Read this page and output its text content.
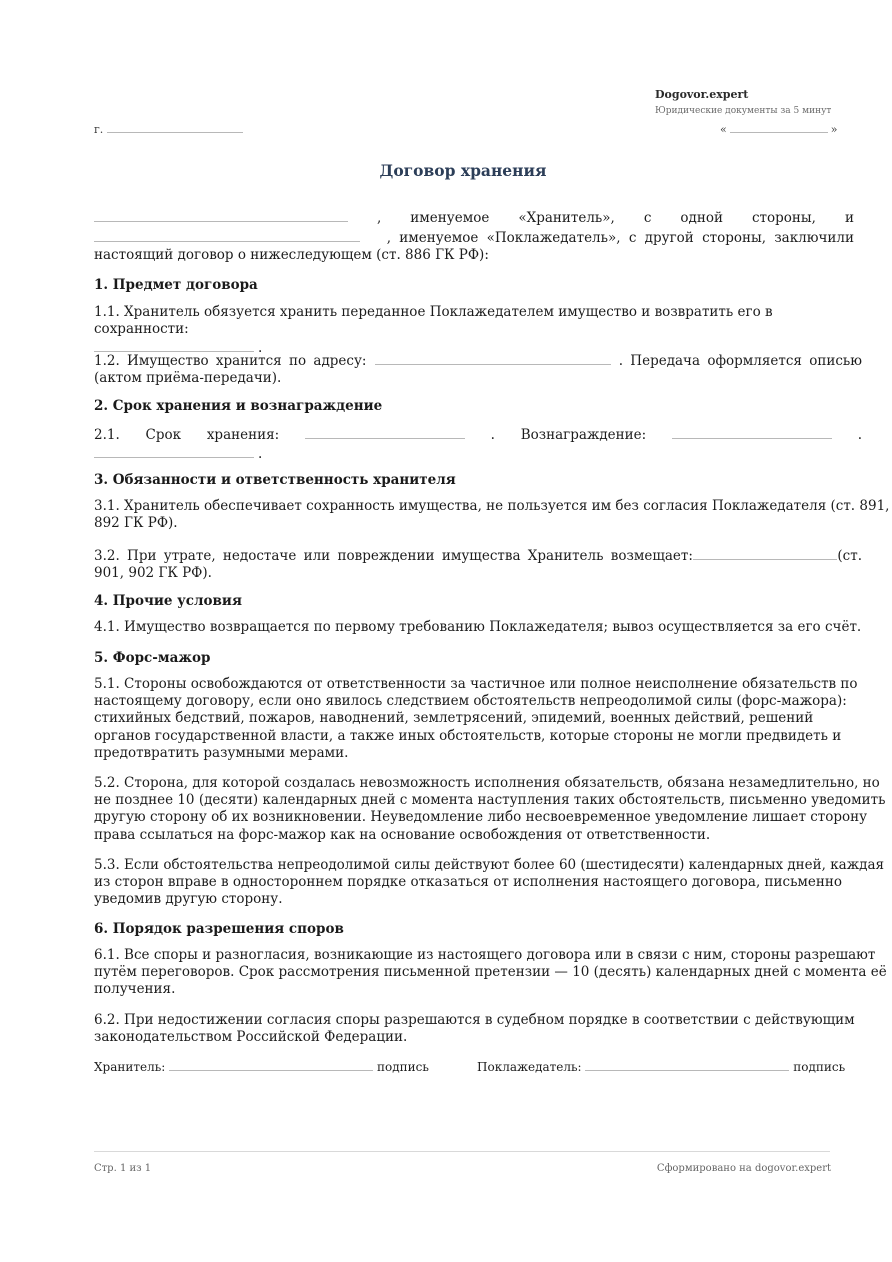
Dogovor.expert
Юридические документы за 5 минут
г.	«	»
Договор хранения
, именуемое «Хранитель», с одной стороны, и
, именуемое «Поклажедатель», с другой стороны, заключили
настоящий договор о нижеследующем (ст. 886 ГК РФ):
1. Предмет договора
1.1. Хранитель обязуется хранить переданное Поклажедателем имущество и возвратить его в сохранности:
.
1.2. Имущество хранится по адресу:	. Передача оформляется описью
(актом приёма-передачи).
2. Срок хранения и вознаграждение
2.1. Срок хранения:	. Вознаграждение:	.
.
3. Обязанности и ответственность хранителя
3.1. Хранитель обеспечивает сохранность имущества, не пользуется им без согласия Поклажедателя (ст. 891,
892 ГК РФ).
3.2. При утрате, недостаче или повреждении имущества Хранитель возмещает:	(ст.
901, 902 ГК РФ).
4. Прочие условия
4.1. Имущество возвращается по первому требованию Поклажедателя; вывоз осуществляется за его счёт.
5. Форс-мажор
5.1. Стороны освобождаются от ответственности за частичное или полное неисполнение обязательств по
настоящему договору, если оно явилось следствием обстоятельств непреодолимой силы (форс-мажора):
стихийных бедствий, пожаров, наводнений, землетрясений, эпидемий, военных действий, решений
органов государственной власти, а также иных обстоятельств, которые стороны не могли предвидеть и
предотвратить разумными мерами.
5.2. Сторона, для которой создалась невозможность исполнения обязательств, обязана незамедлительно, но
не позднее 10 (десяти) календарных дней с момента наступления таких обстоятельств, письменно уведомить
другую сторону об их возникновении. Неуведомление либо несвоевременное уведомление лишает сторону
права ссылаться на форс-мажор как на основание освобождения от ответственности.
5.3. Если обстоятельства непреодолимой силы действуют более 60 (шестидесяти) календарных дней, каждая
из сторон вправе в одностороннем порядке отказаться от исполнения настоящего договора, письменно
уведомив другую сторону.
6. Порядок разрешения споров
6.1. Все споры и разногласия, возникающие из настоящего договора или в связи с ним, стороны разрешают
путём переговоров. Срок рассмотрения письменной претензии — 10 (десять) календарных дней с момента её
получения.
6.2. При недостижении согласия споры разрешаются в судебном порядке в соответствии с действующим
законодательством Российской Федерации.
Хранитель:	подпись	Поклажедатель:	подпись
Стр. 1 из 1	Сформировано на dogovor.expert
